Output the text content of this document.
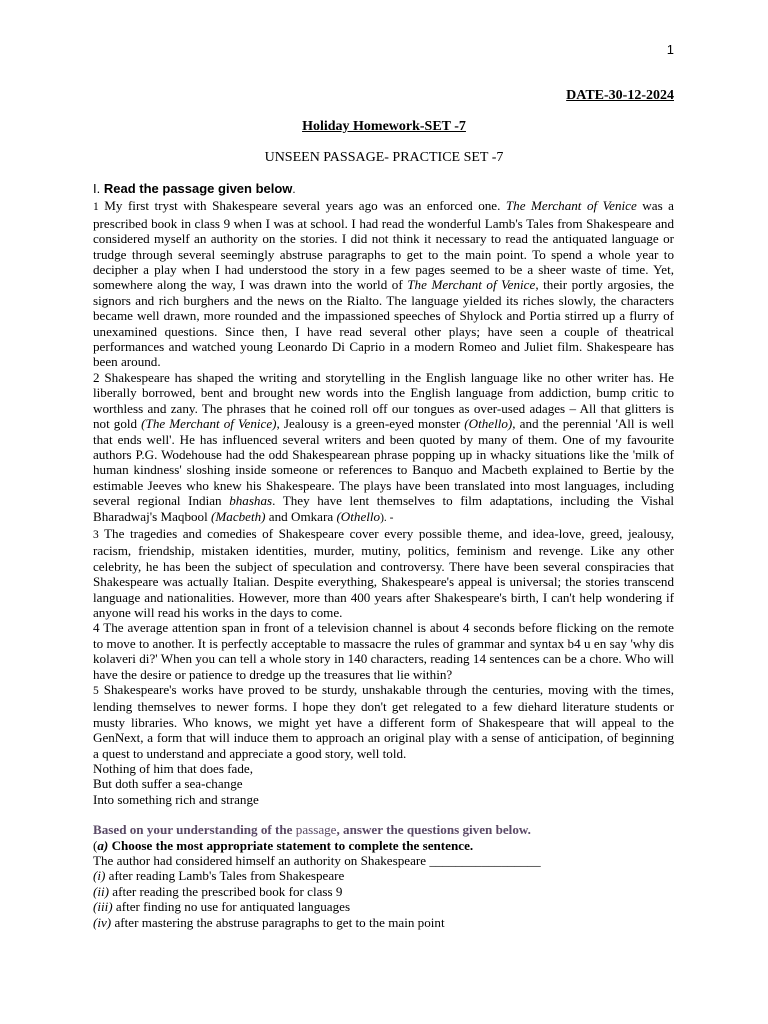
1
DATE-30-12-2024
Holiday Homework-SET -7
UNSEEN PASSAGE- PRACTICE SET -7

I. Read the passage given below.

1 My first tryst with Shakespeare several years ago was an enforced one. The Merchant of Venice was a prescribed book in class 9 when I was at school. I had read the wonderful Lamb's Tales from Shakespeare and considered myself an authority on the stories. I did not think it necessary to read the antiquated language or trudge through several seemingly abstruse paragraphs to get to the main point. To spend a whole year to decipher a play when I had understood the story in a few pages seemed to be a sheer waste of time. Yet, somewhere along the way, I was drawn into the world of The Merchant of Venice, their portly argosies, the signors and rich burghers and the news on the Rialto. The language yielded its riches slowly, the characters became well drawn, more rounded and the impassioned speeches of Shylock and Portia stirred up a flurry of unexamined questions. Since then, I have read several other plays; have seen a couple of theatrical performances and watched young Leonardo Di Caprio in a modern Romeo and Juliet film. Shakespeare has been around.

2 Shakespeare has shaped the writing and storytelling in the English language like no other writer has. He liberally borrowed, bent and brought new words into the English language from addiction, bump critic to worthless and zany. The phrases that he coined roll off our tongues as over-used adages – All that glitters is not gold (The Merchant of Venice), Jealousy is a green-eyed monster (Othello), and the perennial 'All is well that ends well'. He has influenced several writers and been quoted by many of them. One of my favourite authors P.G. Wodehouse had the odd Shakespearean phrase popping up in whacky situations like the 'milk of human kindness' sloshing inside someone or references to Banquo and Macbeth explained to Bertie by the estimable Jeeves who knew his Shakespeare. The plays have been translated into most languages, including several regional Indian bhashas. They have lent themselves to film adaptations, including the Vishal Bharadwaj's Maqbool (Macbeth) and Omkara (Othello). -

3 The tragedies and comedies of Shakespeare cover every possible theme, and idea-love, greed, jealousy, racism, friendship, mistaken identities, murder, mutiny, politics, feminism and revenge. Like any other celebrity, he has been the subject of speculation and controversy. There have been several conspiracies that Shakespeare was actually Italian. Despite everything, Shakespeare's appeal is universal; the stories transcend language and nationalities. However, more than 400 years after Shakespeare's birth, I can't help wondering if anyone will read his works in the days to come.

4 The average attention span in front of a television channel is about 4 seconds before flicking on the remote to move to another. It is perfectly acceptable to massacre the rules of grammar and syntax b4 u en say 'why dis kolaveri di?' When you can tell a whole story in 140 characters, reading 14 sentences can be a chore. Who will have the desire or patience to dredge up the treasures that lie within?

5 Shakespeare's works have proved to be sturdy, unshakable through the centuries, moving with the times, lending themselves to newer forms. I hope they don't get relegated to a few diehard literature students or musty libraries. Who knows, we might yet have a different form of Shakespeare that will appeal to the GenNext, a form that will induce them to approach an original play with a sense of anticipation, of beginning a quest to understand and appreciate a good story, well told.

Nothing of him that does fade,

But doth suffer a sea-change

Into something rich and strange

Based on your understanding of the passage, answer the questions given below.

(a) Choose the most appropriate statement to complete the sentence.

The author had considered himself an authority on Shakespeare _________________

(i) after reading Lamb's Tales from Shakespeare

(ii) after reading the prescribed book for class 9

(iii) after finding no use for antiquated languages

(iv) after mastering the abstruse paragraphs to get to the main point
